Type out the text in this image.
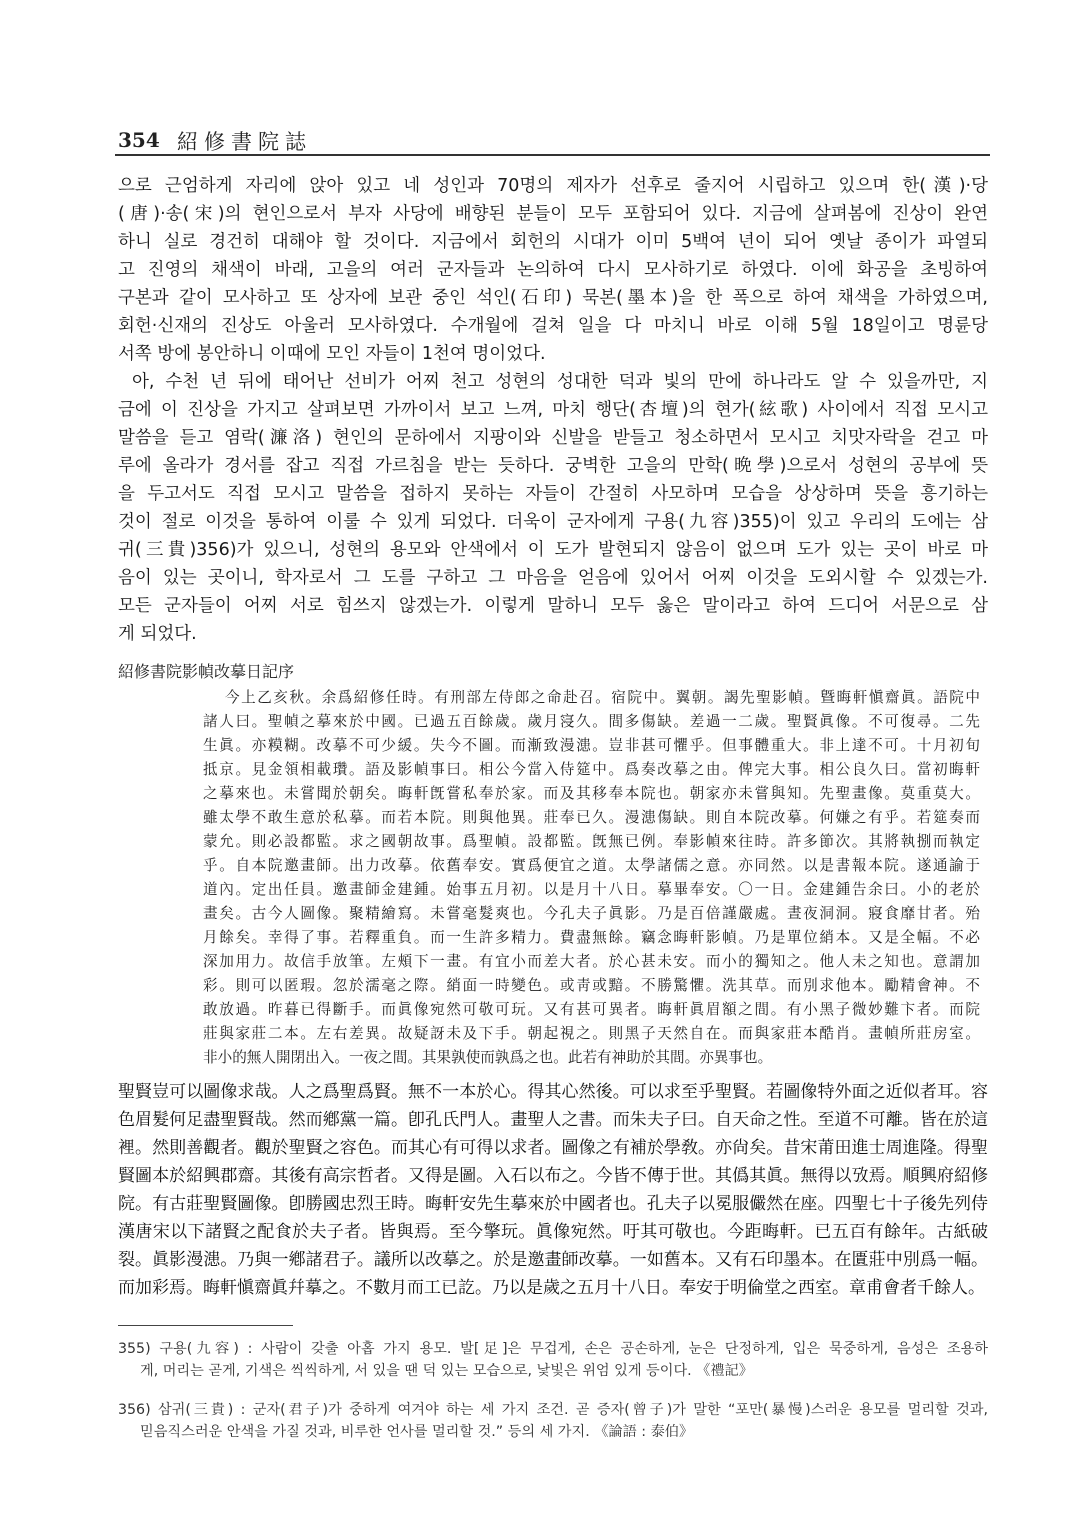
354 紹修書院誌
으로 근엄하게 자리에 앉아 있고 네 성인과 70명의 제자가 선후로 줄지어 시립하고 있으며 한(漢)·당
(唐)·송(宋)의 현인으로서 부자 사당에 배향된 분들이 모두 포함되어 있다. 지금에 살펴봄에 진상이 완연
하니 실로 경건히 대해야 할 것이다. 지금에서 회헌의 시대가 이미 5백여 년이 되어 옛날 종이가 파열되
고 진영의 채색이 바래, 고을의 여러 군자들과 논의하여 다시 모사하기로 하였다. 이에 화공을 초빙하여
구본과 같이 모사하고 또 상자에 보관 중인 석인(石印) 묵본(墨本)을 한 폭으로 하여 채색을 가하였으며,
회헌·신재의 진상도 아울러 모사하였다. 수개월에 걸쳐 일을 다 마치니 바로 이해 5월 18일이고 명륜당
서쪽 방에 봉안하니 이때에 모인 자들이 1천여 명이었다.
아, 수천 년 뒤에 태어난 선비가 어찌 천고 성현의 성대한 덕과 빛의 만에 하나라도 알 수 있을까만, 지
금에 이 진상을 가지고 살펴보면 가까이서 보고 느껴, 마치 행단(杏壇)의 현가(絃歌) 사이에서 직접 모시고
말씀을 듣고 염락(濂洛) 현인의 문하에서 지팡이와 신발을 받들고 청소하면서 모시고 치맛자락을 걷고 마
루에 올라가 경서를 잡고 직접 가르침을 받는 듯하다. 궁벽한 고을의 만학(晩學)으로서 성현의 공부에 뜻
을 두고서도 직접 모시고 말씀을 접하지 못하는 자들이 간절히 사모하며 모습을 상상하며 뜻을 흥기하는
것이 절로 이것을 통하여 이룰 수 있게 되었다. 더욱이 군자에게 구용(九容)355)이 있고 우리의 도에는 삼
귀(三貴)356)가 있으니, 성현의 용모와 안색에서 이 도가 발현되지 않음이 없으며 도가 있는 곳이 바로 마
음이 있는 곳이니, 학자로서 그 도를 구하고 그 마음을 얻음에 있어서 어찌 이것을 도외시할 수 있겠는가.
모든 군자들이 어찌 서로 힘쓰지 않겠는가. 이렇게 말하니 모두 옳은 말이라고 하여 드디어 서문으로 삼
게 되었다.
紹修書院影幀改摹日記序
今上乙亥秋。余爲紹修任時。有刑部左侍郎之命赴召。宿院中。翼朝。謁先聖影幀。曁晦軒愼齋眞。語院中
諸人曰。聖幀之摹來於中國。已過五百餘歲。歲月寖久。間多傷缺。差過一二歲。聖賢眞像。不可復尋。二先
生眞。亦糢糊。改摹不可少緩。失今不圖。而漸致漫漶。豈非甚可懼乎。但事體重大。非上達不可。十月初旬
抵京。見金領相載瓚。語及影幀事曰。相公今當入侍筵中。爲奏改摹之由。俾完大事。相公良久曰。當初晦軒
之摹來也。未嘗聞於朝矣。晦軒旣嘗私奉於家。而及其移奉本院也。朝家亦未嘗與知。先聖畫像。莫重莫大。
雖太學不敢生意於私摹。而若本院。則與他異。莊奉已久。漫漶傷缺。則自本院改摹。何嫌之有乎。若筵奏而
蒙允。則必設都監。求之國朝故事。爲聖幀。設都監。旣無已例。奉影幀來往時。許多節次。其將執捌而執定
乎。自本院邀畫師。出力改摹。依舊奉安。實爲便宜之道。太學諸儒之意。亦同然。以是書報本院。遂通諭于
道內。定出任員。邀畫師金建鍾。始事五月初。以是月十八日。摹畢奉安。〇一日。金建鍾告余曰。小的老於
畫矣。古今人圖像。聚精繪寫。未嘗毫髮爽也。今孔夫子眞影。乃是百倍謹嚴處。晝夜洞洞。寢食靡甘者。殆
月餘矣。幸得了事。若釋重負。而一生許多精力。費盡無餘。竊念晦軒影幀。乃是單位綃本。又是全幅。不必
深加用力。故信手放筆。左頰下一畫。有宜小而差大者。於心甚未安。而小的獨知之。他人未之知也。意謂加
彩。則可以匿瑕。忽於濡毫之際。綃面一時變色。或靑或黯。不勝驚懼。洗其草。而別求他本。勵精會神。不
敢放過。昨暮已得斷手。而眞像宛然可敬可玩。又有甚可異者。晦軒眞眉額之間。有小黑子微妙難卞者。而院
莊與家莊二本。左右差異。故疑訝未及下手。朝起視之。則黑子天然自在。而與家莊本酷肖。畫幀所莊房室。
非小的無人開閉出入。一夜之間。其果孰使而孰爲之也。此若有神助於其間。亦異事也。
聖賢豈可以圖像求哉。人之爲聖爲賢。無不一本於心。得其心然後。可以求至乎聖賢。若圖像特外面之近似者耳。容
色眉髮何足盡聖賢哉。然而鄕黨一篇。卽孔氏門人。畫聖人之書。而朱夫子曰。自天命之性。至道不可離。皆在於這
裡。然則善觀者。觀於聖賢之容色。而其心有可得以求者。圖像之有補於學敎。亦尙矣。昔宋莆田進士周進隆。得聖
賢圖本於紹興郡齋。其後有高宗哲者。又得是圖。入石以布之。今皆不傳于世。其僞其眞。無得以攷焉。順興府紹修
院。有古莊聖賢圖像。卽勝國忠烈王時。晦軒安先生摹來於中國者也。孔夫子以冕服儼然在座。四聖七十子後先列侍
漢唐宋以下諸賢之配食於夫子者。皆與焉。至今擎玩。眞像宛然。吁其可敬也。今距晦軒。已五百有餘年。古紙破
裂。眞影漫漶。乃與一鄕諸君子。議所以改摹之。於是邀畫師改摹。一如舊本。又有石印墨本。在匱莊中別爲一幅。
而加彩焉。晦軒愼齋眞幷摹之。不數月而工已訖。乃以是歲之五月十八日。奉安于明倫堂之西室。章甫會者千餘人。
355) 구용(九容) : 사람이 갖출 아홉 가지 용모. 발[足]은 무겁게, 손은 공손하게, 눈은 단정하게, 입은 묵중하게, 음성은 조용하
게, 머리는 곧게, 기색은 씩씩하게, 서 있을 땐 덕 있는 모습으로, 낯빛은 위엄 있게 등이다. 《禮記》
356) 삼귀(三貴) : 군자(君子)가 중하게 여겨야 하는 세 가지 조건. 곧 증자(曾子)가 말한 “포만(暴慢)스러운 용모를 멀리할 것과,
믿음직스러운 안색을 가질 것과, 비루한 언사를 멀리할 것.” 등의 세 가지. 《論語 : 泰伯》
